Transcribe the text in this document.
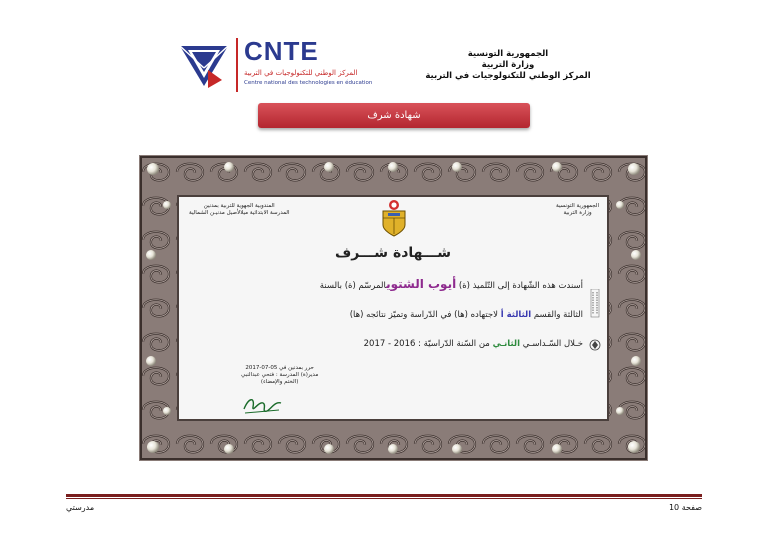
CNTE
المركز الوطني للتكنولوجيات في التربية
Centre national des technologies en éducation
الجمهورية التونسية
وزارة التربية
المركز الوطني للتكنولوجيات في التربية
شهادة شرف
الجمهورية التونسية
وزارة التربية
المندوبية الجهوية للتربية بمدنين
المدرسة الابتدائية ميلالأصيل مدنيـن الشمالية
شـــهادة شـــرف
أسندت هذه الشّهادة إلى التّلميذ (ة) أيوب الشتويالمرسّم (ة) بالسنة
الثالثة والقسم الثالثة أ لاجتهاده (ها) في الدّراسة وتميّز نتائجه (ها)
خـلال السّـداسـي الثانـي من السّنة الدّراسيّة : 2016 - 2017
حرر بمدنين في 05-07-2017
مدير(ة) المدرسة : فتحي عبدالنبي
(الختم والإمضاء)
مدرستي	صفحة 10
